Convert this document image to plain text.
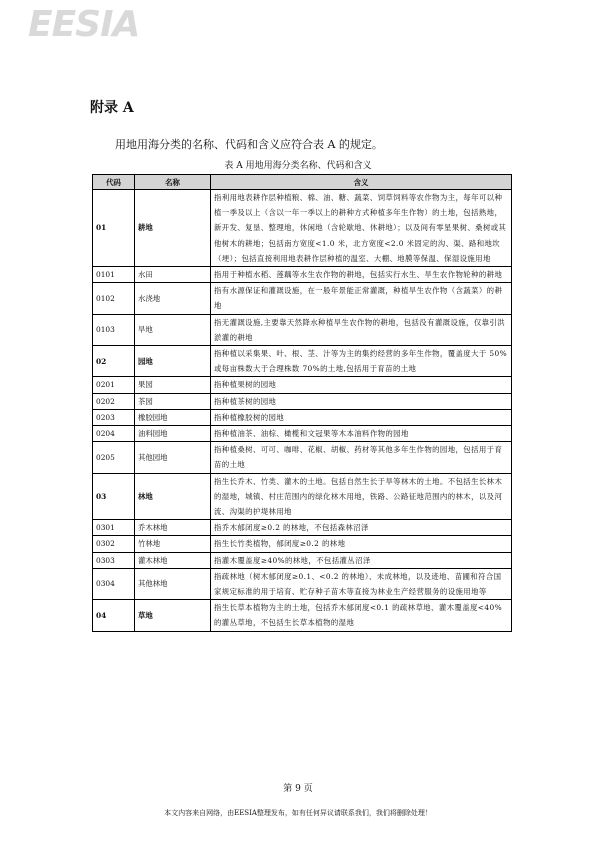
EESIA
附录 A
用地用海分类的名称、代码和含义应符合表 A 的规定。
表 A 用地用海分类名称、代码和含义
代码	名称	含义
01	耕地	指利用地表耕作层种植粮、棉、油、糖、蔬菜、饲草饲料等农作物为主，每年可以种植一季及以上（含以一年一季以上的耕种方式种植多年生作物）的土地，包括熟地，新开发、复垦、整理地，休闲地（含轮歇地、休耕地）；以及间有零星果树、桑树或其他树木的耕地；包括南方宽度<1.0 米，北方宽度<2.0 米固定的沟、渠、路和地坎（埂）；包括直接利用地表耕作层种植的温室、大棚、地膜等保温、保湿设施用地
0101	水田	指用于种植水稻、莲藕等水生农作物的耕地，包括实行水生、旱生农作物轮种的耕地
0102	水浇地	指有水源保证和灌溉设施，在一般年景能正常灌溉，种植旱生农作物（含蔬菜）的耕地
0103	旱地	指无灌溉设施,主要靠天然降水种植旱生农作物的耕地，包括没有灌溉设施，仅靠引洪淤灌的耕地
02	园地	指种植以采集果、叶、根、茎、汁等为主的集约经营的多年生作物，覆盖度大于 50%或每亩株数大于合理株数 70%的土地,包括用于育苗的土地
0201	果园	指种植果树的园地
0202	茶园	指种植茶树的园地
0203	橡胶园地	指种植橡胶树的园地
0204	油料园地	指种植油茶、油棕、橄榄和文冠果等木本油料作物的园地
0205	其他园地	指种植桑树、可可、咖啡、花椒、胡椒、药材等其他多年生作物的园地，包括用于育苗的土地
03	林地	指生长乔木、竹类、灌木的土地。包括自然生长于旱等林木的土地。不包括生长林木的湿地，城镇、村庄范围内的绿化林木用地，铁路、公路征地范围内的林木，以及河流、沟渠的护堤林用地
0301	乔木林地	指乔木郁闭度≥0.2 的林地，不包括森林沼泽
0302	竹林地	指生长竹类植物，郁闭度≥0.2 的林地
0303	灌木林地	指灌木覆盖度≥40%的林地，不包括灌丛沼泽
0304	其他林地	指疏林地（树木郁闭度≥0.1、<0.2 的林地）、未成林地，以及迹地、苗圃和符合国家规定标准的用于培育、贮存种子苗木等直接为林业生产经营服务的设施用地等
04	草地	指生长草本植物为主的土地，包括乔木郁闭度<0.1 的疏林草地、灌木覆盖度<40%的灌丛草地，不包括生长草本植物的湿地
第 9 页
本文内容来自网络，由EESIA整理发布，如有任何异议请联系我们，我们将删除处理！
